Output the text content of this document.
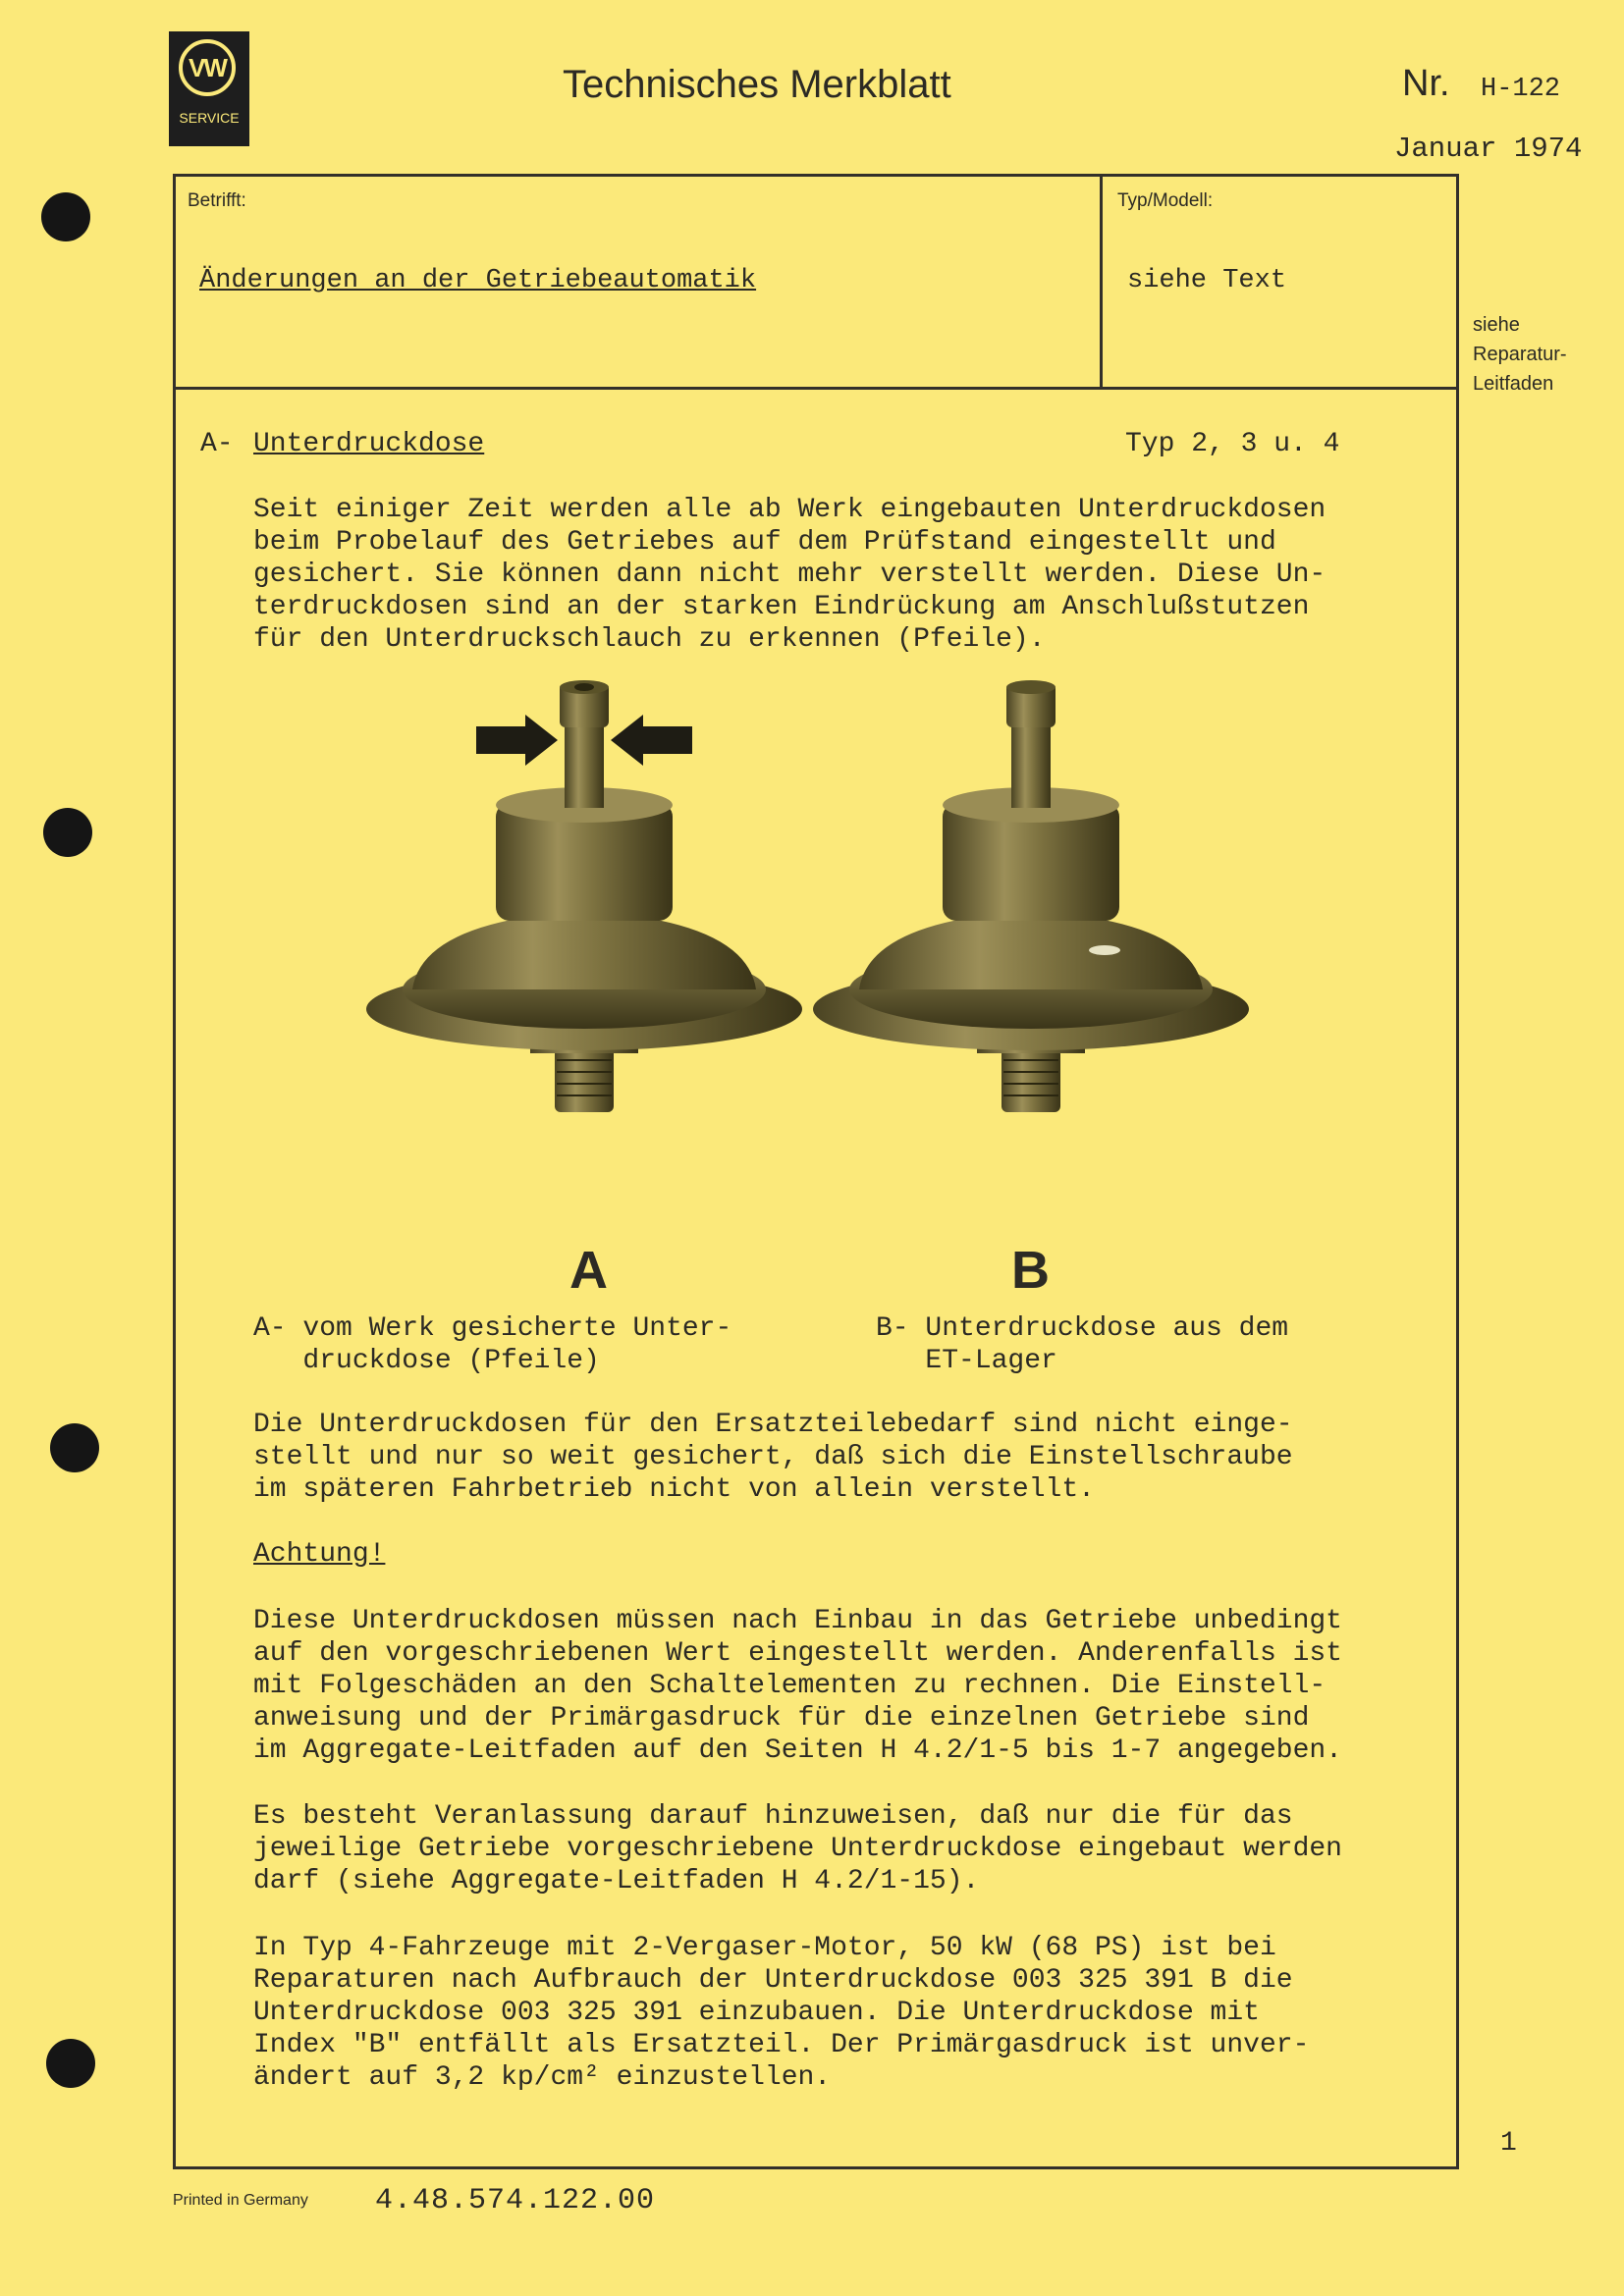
VW
SERVICE
Technisches Merkblatt	Nr. H-122
Januar 1974
Betrifft:	Typ/Modell:
Änderungen an der Getriebeautomatik	siehe Text
siehe
Reparatur-
Leitfaden
A- Unterdruckdose	Typ 2, 3 u. 4
Seit einiger Zeit werden alle ab Werk eingebauten Unterdruckdosen
beim Probelauf des Getriebes auf dem Prüfstand eingestellt und
gesichert. Sie können dann nicht mehr verstellt werden. Diese Un-
terdruckdosen sind an der starken Eindrückung am Anschlußstutzen
für den Unterdruckschlauch zu erkennen (Pfeile).
A	B
A- vom Werk gesicherte Unter-
druckdose (Pfeile)
B- Unterdruckdose aus dem
ET-Lager
Die Unterdruckdosen für den Ersatzteilebedarf sind nicht einge-
stellt und nur so weit gesichert, daß sich die Einstellschraube
im späteren Fahrbetrieb nicht von allein verstellt.
Achtung!
Diese Unterdruckdosen müssen nach Einbau in das Getriebe unbedingt
auf den vorgeschriebenen Wert eingestellt werden. Anderenfalls ist
mit Folgeschäden an den Schaltelementen zu rechnen. Die Einstell-
anweisung und der Primärgasdruck für die einzelnen Getriebe sind
im Aggregate-Leitfaden auf den Seiten H 4.2/1-5 bis 1-7 angegeben.
Es besteht Veranlassung darauf hinzuweisen, daß nur die für das
jeweilige Getriebe vorgeschriebene Unterdruckdose eingebaut werden
darf (siehe Aggregate-Leitfaden H 4.2/1-15).
In Typ 4-Fahrzeuge mit 2-Vergaser-Motor, 50 kW (68 PS) ist bei
Reparaturen nach Aufbrauch der Unterdruckdose 003 325 391 B die
Unterdruckdose 003 325 391 einzubauen. Die Unterdruckdose mit
Index "B" entfällt als Ersatzteil. Der Primärgasdruck ist unver-
ändert auf 3,2 kp/cm² einzustellen.
1
Printed in Germany 4.48.574.122.00
